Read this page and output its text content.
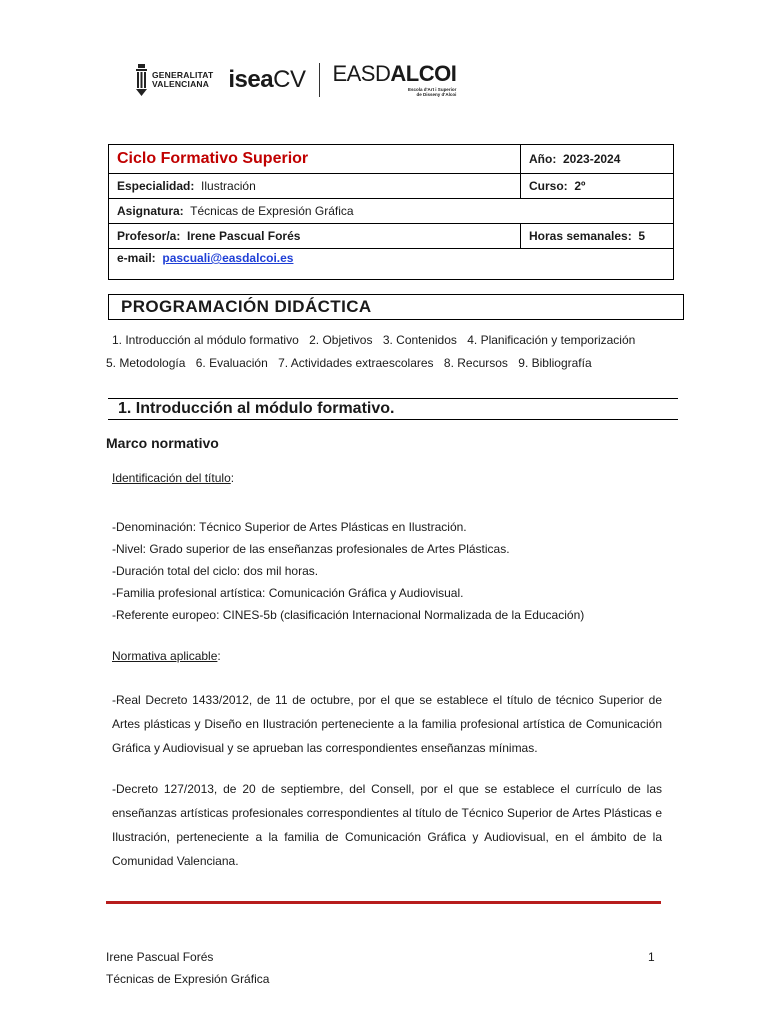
GENERALITAT
VALENCIANA iseaCV EASDALCOI
Escola d'Art i Superior
de Disseny d'Alcoi
Ciclo Formativo Superior	Año: 2023-2024
Especialidad: Ilustración	Curso: 2º
Asignatura: Técnicas de Expresión Gráfica	
Profesor/a: Irene Pascual Forés	Horas semanales: 5
e-mail: pascuali@easdalcoi.es	
PROGRAMACIÓN DIDÁCTICA
1. Introducción al módulo formativo 2. Objetivos 3. Contenidos 4. Planificación y temporización
5. Metodología 6. Evaluación 7. Actividades extraescolares 8. Recursos 9. Bibliografía
1. Introducción al módulo formativo.
Marco normativo
Identificación del título:
-Denominación: Técnico Superior de Artes Plásticas en Ilustración.
-Nivel: Grado superior de las enseñanzas profesionales de Artes Plásticas.
-Duración total del ciclo: dos mil horas.
-Familia profesional artística: Comunicación Gráfica y Audiovisual.
-Referente europeo: CINES-5b (clasificación Internacional Normalizada de la Educación)
Normativa aplicable:
-Real Decreto 1433/2012, de 11 de octubre, por el que se establece el título de técnico Superior de Artes plásticas y Diseño en Ilustración perteneciente a la familia profesional artística de Comunicación Gráfica y Audiovisual y se aprueban las correspondientes enseñanzas mínimas.
-Decreto 127/2013, de 20 de septiembre, del Consell, por el que se establece el currículo de las enseñanzas artísticas profesionales correspondientes al título de Técnico Superior de Artes Plásticas e Ilustración, perteneciente a la familia de Comunicación Gráfica y Audiovisual, en el ámbito de la Comunidad Valenciana.
Irene Pascual Forés
Técnicas de Expresión Gráfica
1
